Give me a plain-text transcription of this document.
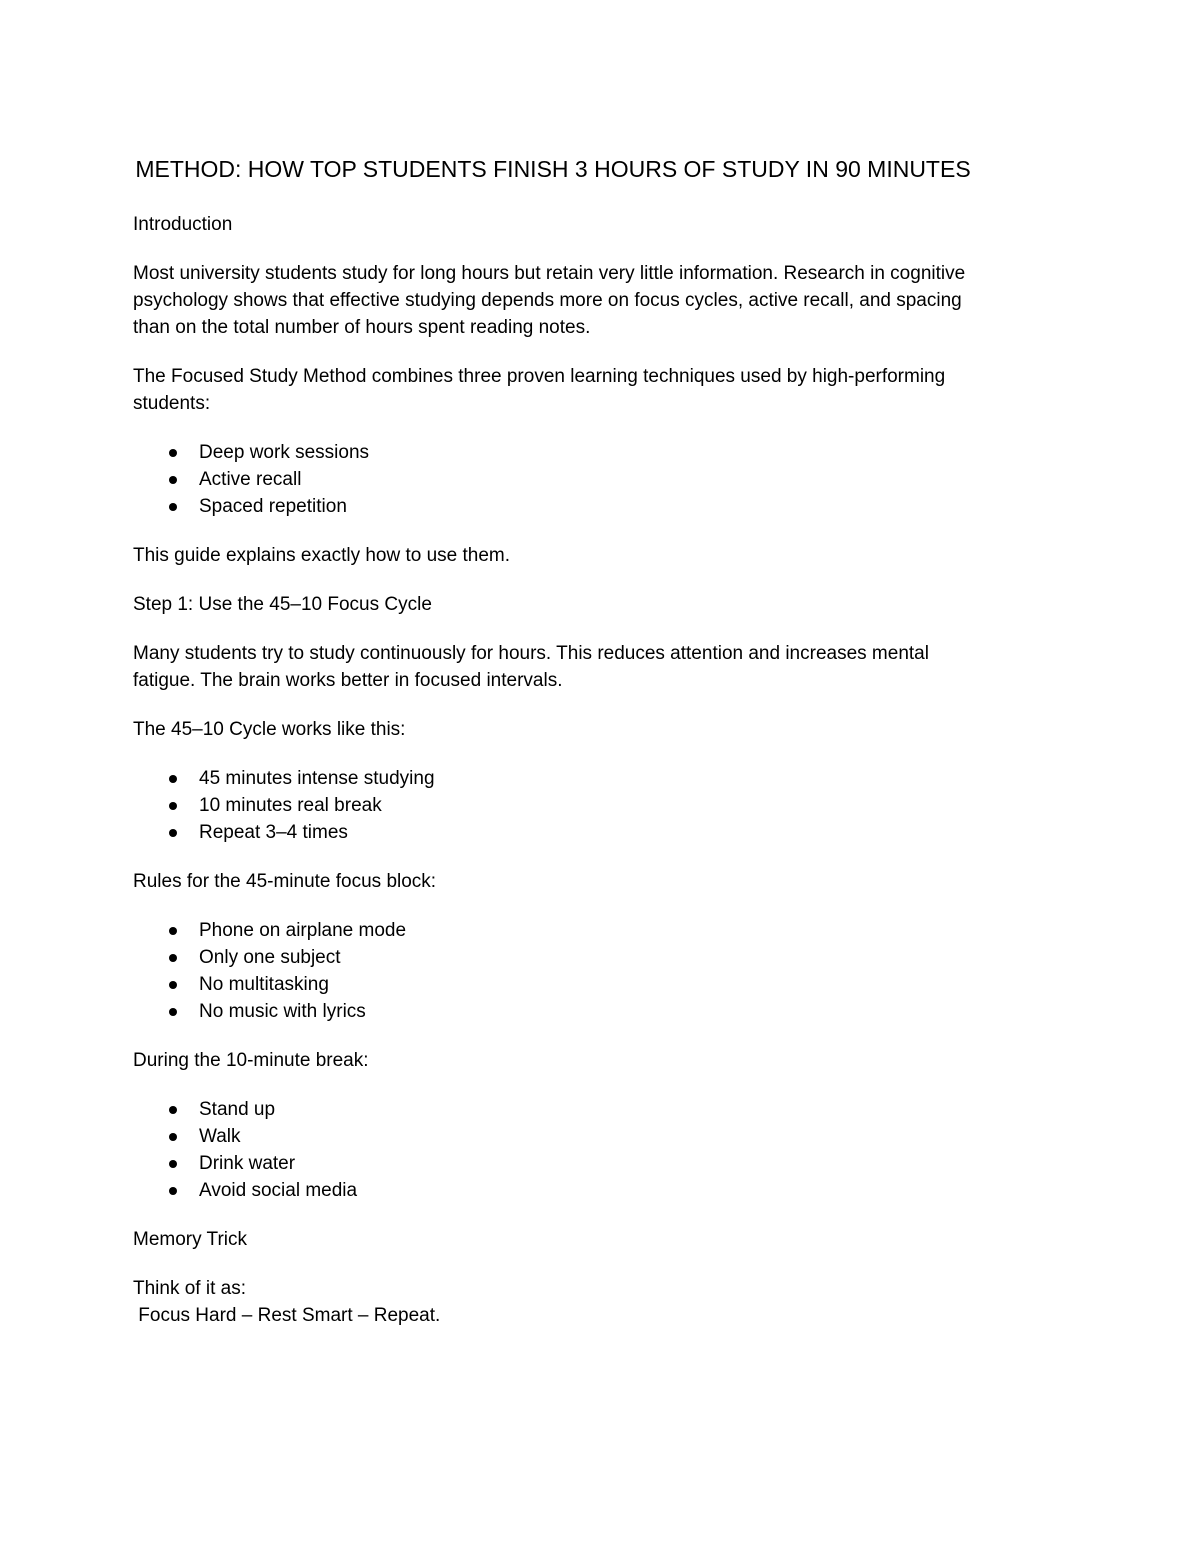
METHOD: HOW TOP STUDENTS FINISH 3 HOURS OF STUDY IN 90 MINUTES

Introduction

Most university students study for long hours but retain very little information. Research in cognitive psychology shows that effective studying depends more on focus cycles, active recall, and spacing than on the total number of hours spent reading notes.

The Focused Study Method combines three proven learning techniques used by high-performing students:

Deep work sessions
Active recall
Spaced repetition

This guide explains exactly how to use them.

Step 1: Use the 45–10 Focus Cycle

Many students try to study continuously for hours. This reduces attention and increases mental fatigue. The brain works better in focused intervals.

The 45–10 Cycle works like this:

45 minutes intense studying
10 minutes real break
Repeat 3–4 times

Rules for the 45-minute focus block:

Phone on airplane mode
Only one subject
No multitasking
No music with lyrics

During the 10-minute break:

Stand up
Walk
Drink water
Avoid social media

Memory Trick

Think of it as:
Focus Hard – Rest Smart – Repeat.
